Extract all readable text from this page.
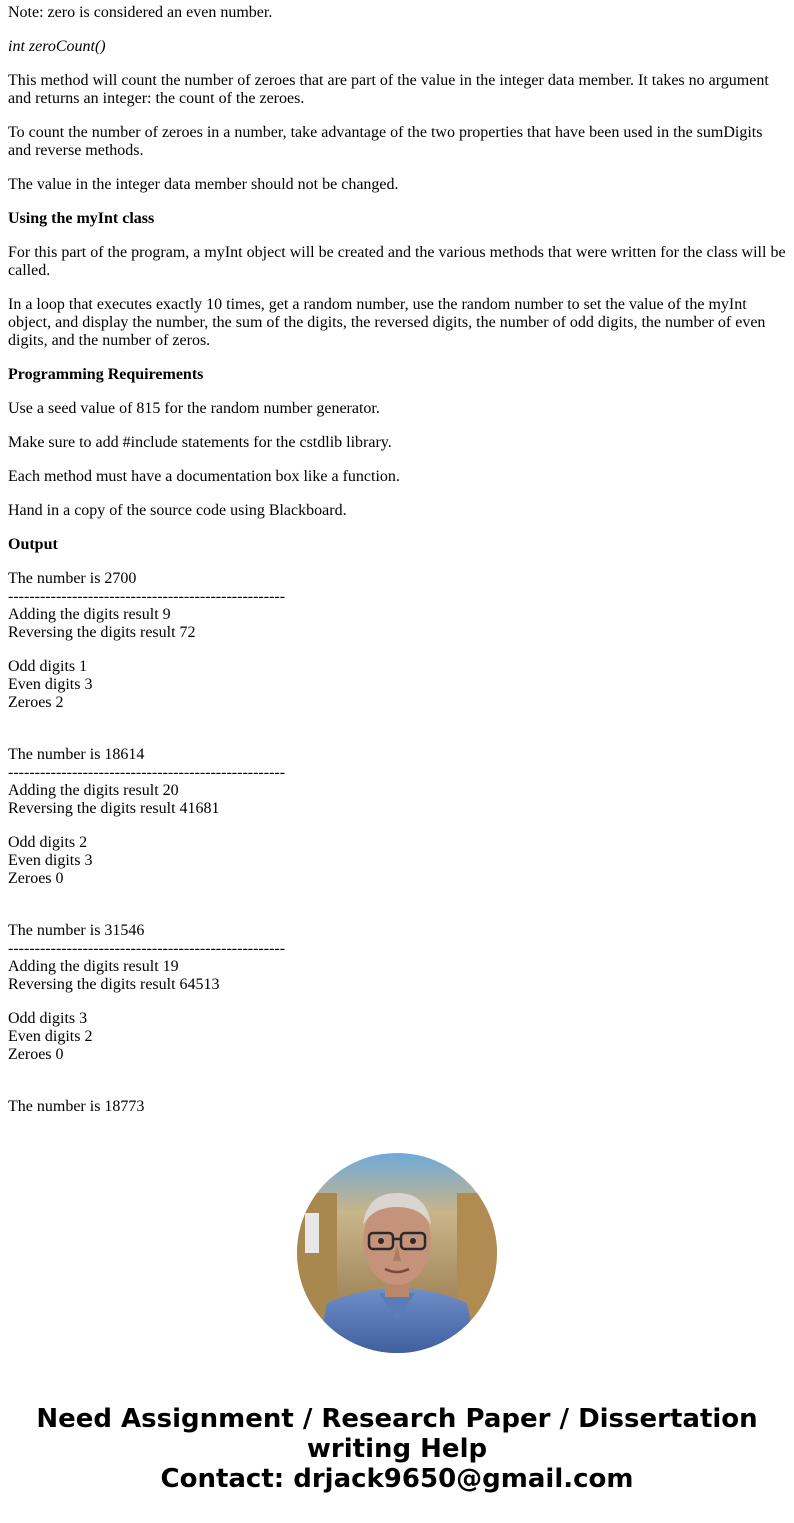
Note: zero is considered an even number.
int zeroCount()
This method will count the number of zeroes that are part of the value in the integer data member. It takes no argument and returns an integer: the count of the zeroes.
To count the number of zeroes in a number, take advantage of the two properties that have been used in the sumDigits and reverse methods.
The value in the integer data member should not be changed.
Using the myInt class
For this part of the program, a myInt object will be created and the various methods that were written for the class will be called.
In a loop that executes exactly 10 times, get a random number, use the random number to set the value of the myInt object, and display the number, the sum of the digits, the reversed digits, the number of odd digits, the number of even digits, and the number of zeros.
Programming Requirements
Use a seed value of 815 for the random number generator.
Make sure to add #include statements for the cstdlib library.
Each method must have a documentation box like a function.
Hand in a copy of the source code using Blackboard.
Output
The number is 2700
----------------------------------------------------
Adding the digits result 9
Reversing the digits result 72
Odd digits 1
Even digits 3
Zeroes 2
The number is 18614
----------------------------------------------------
Adding the digits result 20
Reversing the digits result 41681
Odd digits 2
Even digits 3
Zeroes 0
The number is 31546
----------------------------------------------------
Adding the digits result 19
Reversing the digits result 64513
Odd digits 3
Even digits 2
Zeroes 0
The number is 18773
Need Assignment / Research Paper / Dissertation
writing Help
Contact: drjack9650@gmail.com
